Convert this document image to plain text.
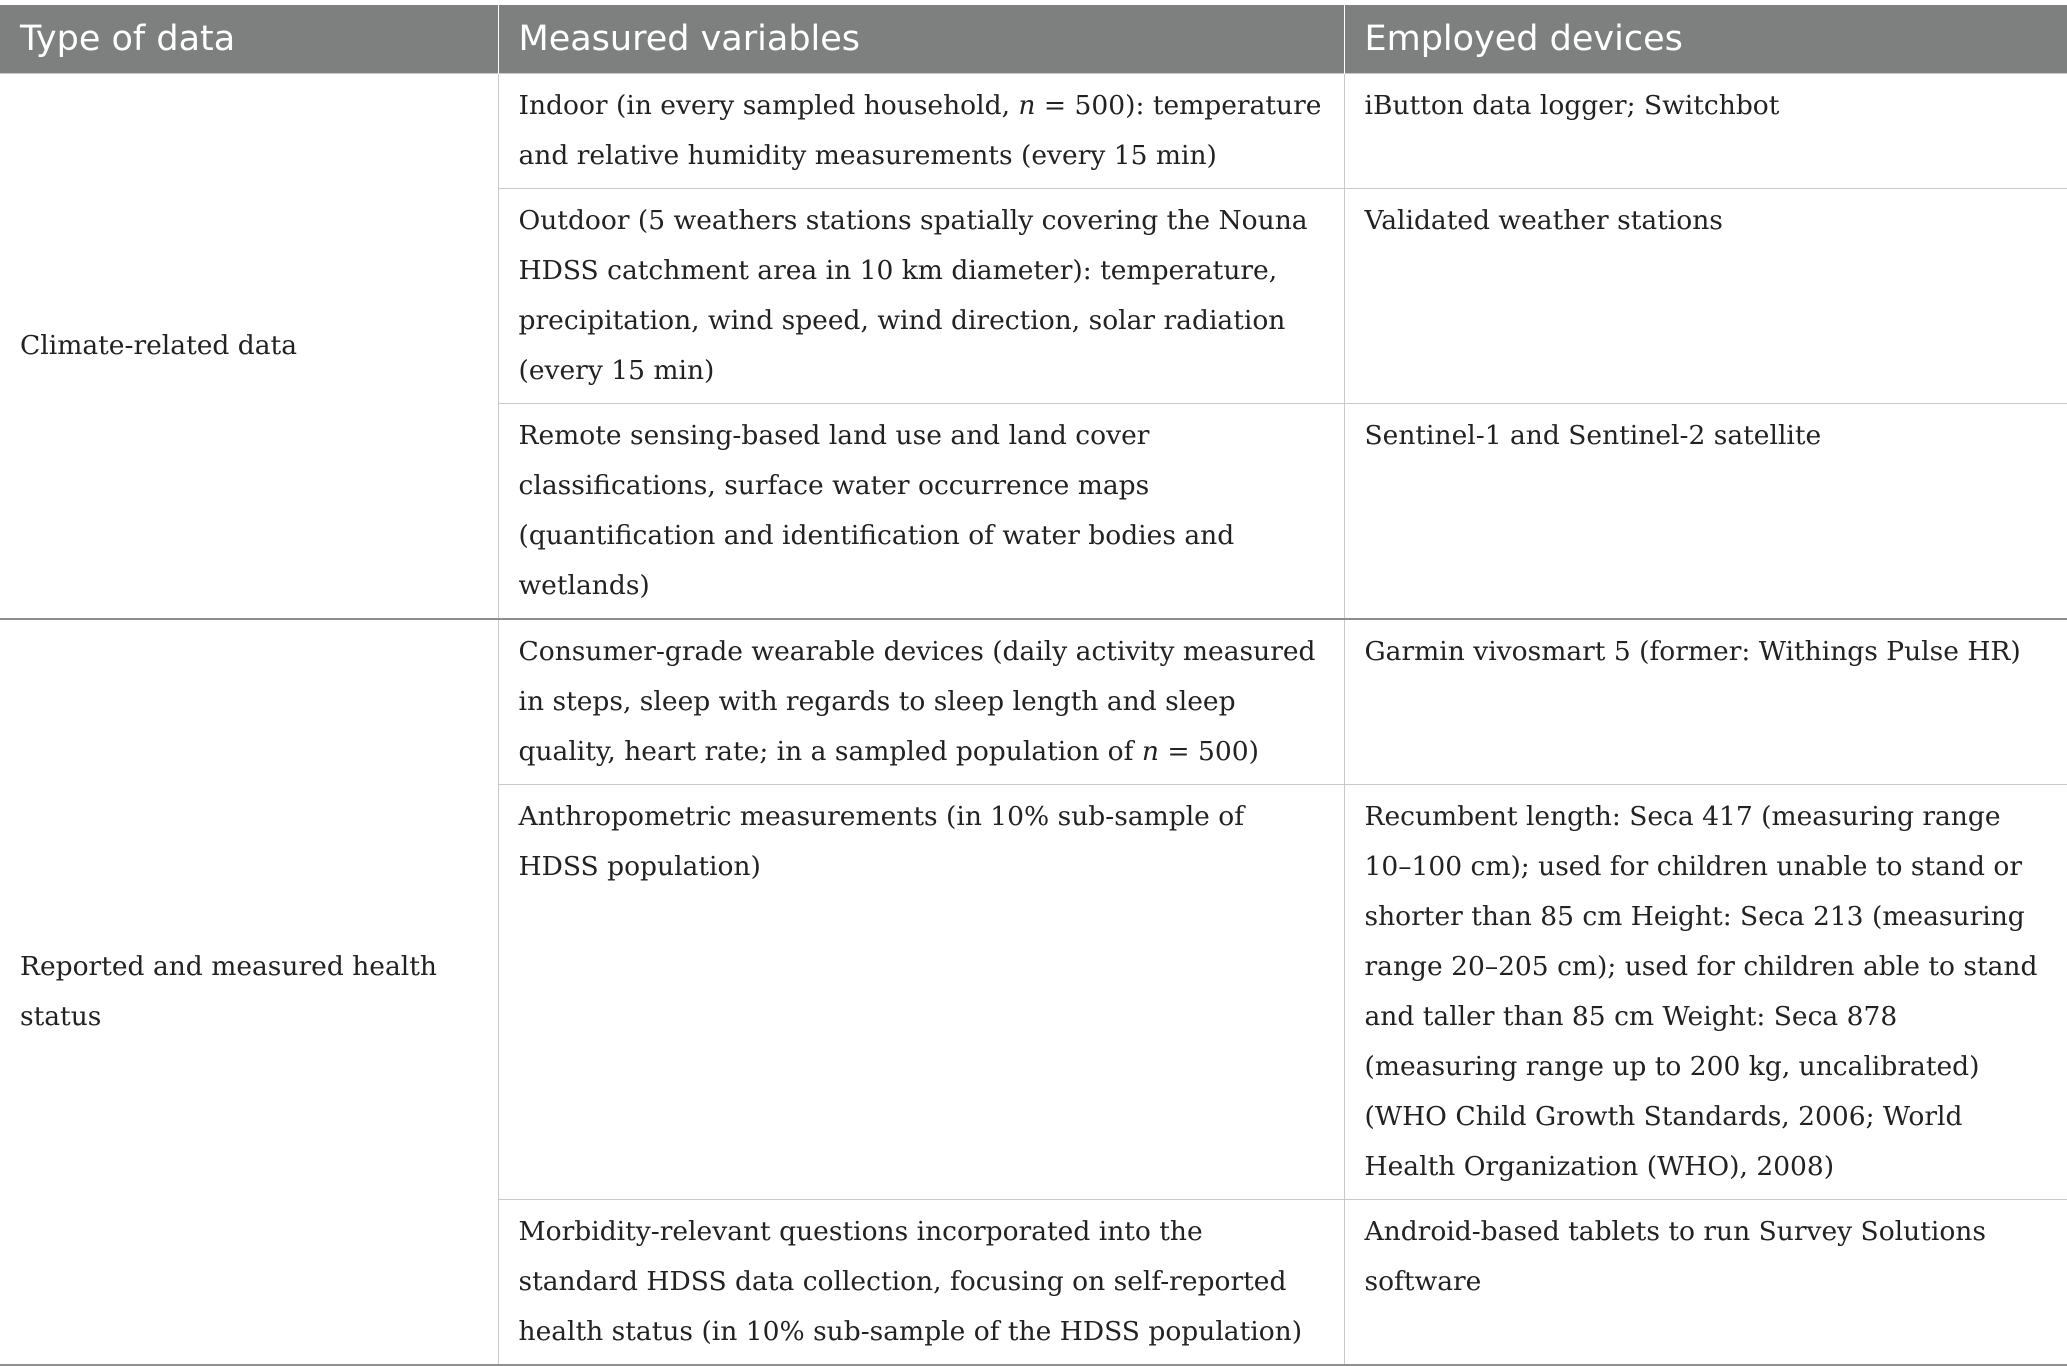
Type of data	Measured variables	Employed devices
Climate-related data	Indoor (in every sampled household, n = 500): temperature and relative humidity measurements (every 15 min)	iButton data logger; Switchbot
	Outdoor (5 weathers stations spatially covering the Nouna HDSS catchment area in 10 km diameter): temperature, precipitation, wind speed, wind direction, solar radiation (every 15 min)	Validated weather stations
	Remote sensing-based land use and land cover classifications, surface water occurrence maps (quantification and identification of water bodies and wetlands)	Sentinel-1 and Sentinel-2 satellite
Reported and measured health status	Consumer-grade wearable devices (daily activity measured in steps, sleep with regards to sleep length and sleep quality, heart rate; in a sampled population of n = 500)	Garmin vivosmart 5 (former: Withings Pulse HR)
	Anthropometric measurements (in 10% sub-sample of HDSS population)	Recumbent length: Seca 417 (measuring range 10–100 cm); used for children unable to stand or shorter than 85 cm Height: Seca 213 (measuring range 20–205 cm); used for children able to stand and taller than 85 cm Weight: Seca 878 (measuring range up to 200 kg, uncalibrated) (WHO Child Growth Standards, 2006; World Health Organization (WHO), 2008)
	Morbidity-relevant questions incorporated into the standard HDSS data collection, focusing on self-reported health status (in 10% sub-sample of the HDSS population)	Android-based tablets to run Survey Solutions software
